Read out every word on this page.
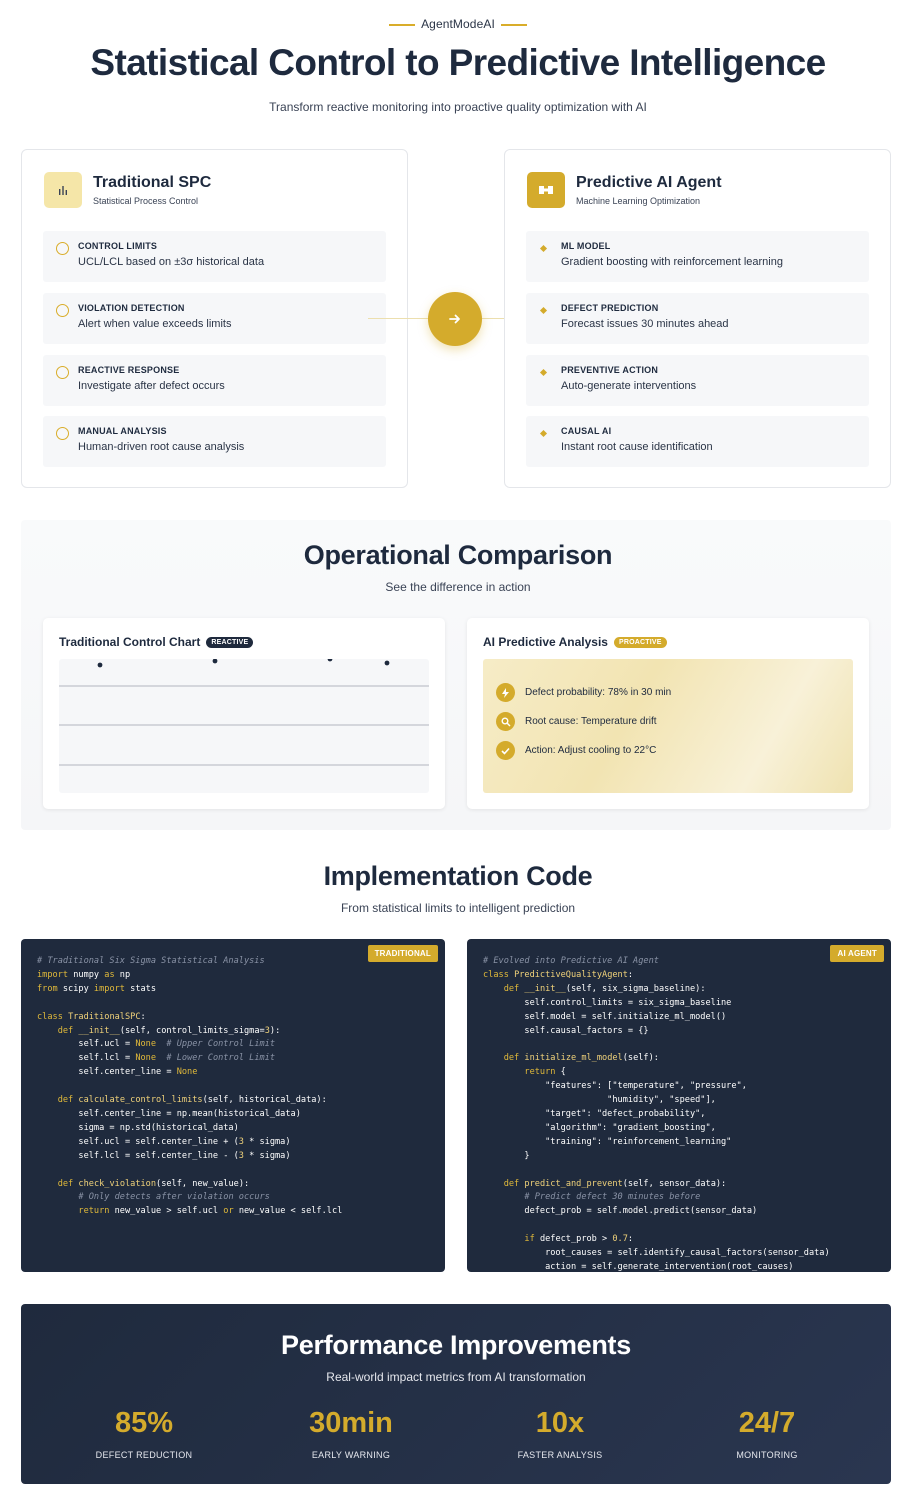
AgentModeAI
Statistical Control to Predictive Intelligence
Transform reactive monitoring into proactive quality optimization with AI
Traditional SPC
Statistical Process Control
CONTROL LIMITS
UCL/LCL based on ±3σ historical data
VIOLATION DETECTION
Alert when value exceeds limits
REACTIVE RESPONSE
Investigate after defect occurs
MANUAL ANALYSIS
Human-driven root cause analysis
Predictive AI Agent
Machine Learning Optimization
ML MODEL
Gradient boosting with reinforcement learning
DEFECT PREDICTION
Forecast issues 30 minutes ahead
PREVENTIVE ACTION
Auto-generate interventions
CAUSAL AI
Instant root cause identification
Operational Comparison
See the difference in action
Traditional Control Chart	REACTIVE	AI Predictive Analysis	PROACTIVE
Defect probability: 78% in 30 min
Root cause: Temperature drift
Action: Adjust cooling to 22°C
Implementation Code
From statistical limits to intelligent prediction
TRADITIONAL
# Traditional Six Sigma Statistical Analysis
import numpy as np
from scipy import stats

class TraditionalSPC:
def __init__(self, control_limits_sigma=3):
self.ucl = None # Upper Control Limit
self.lcl = None # Lower Control Limit
self.center_line = None

def calculate_control_limits(self, historical_data):
self.center_line = np.mean(historical_data)
sigma = np.std(historical_data)
self.ucl = self.center_line + (3 * sigma)
self.lcl = self.center_line - (3 * sigma)

def check_violation(self, new_value):
# Only detects after violation occurs
return new_value > self.ucl or new_value < self.lcl
AI AGENT
# Evolved into Predictive AI Agent
class PredictiveQualityAgent:
def __init__(self, six_sigma_baseline):
self.control_limits = six_sigma_baseline
self.model = self.initialize_ml_model()
self.causal_factors = {}

def initialize_ml_model(self):
return {
"features": ["temperature", "pressure",
"humidity", "speed"],
"target": "defect_probability",
"algorithm": "gradient_boosting",
"training": "reinforcement_learning"
}

def predict_and_prevent(self, sensor_data):
# Predict defect 30 minutes before
defect_prob = self.model.predict(sensor_data)

if defect_prob > 0.7:
root_causes = self.identify_causal_factors(sensor_data)
action = self.generate_intervention(root_causes)
Performance Improvements
Real-world impact metrics from AI transformation
85%
DEFECT REDUCTION
30min
EARLY WARNING
10x
FASTER ANALYSIS
24/7
MONITORING
